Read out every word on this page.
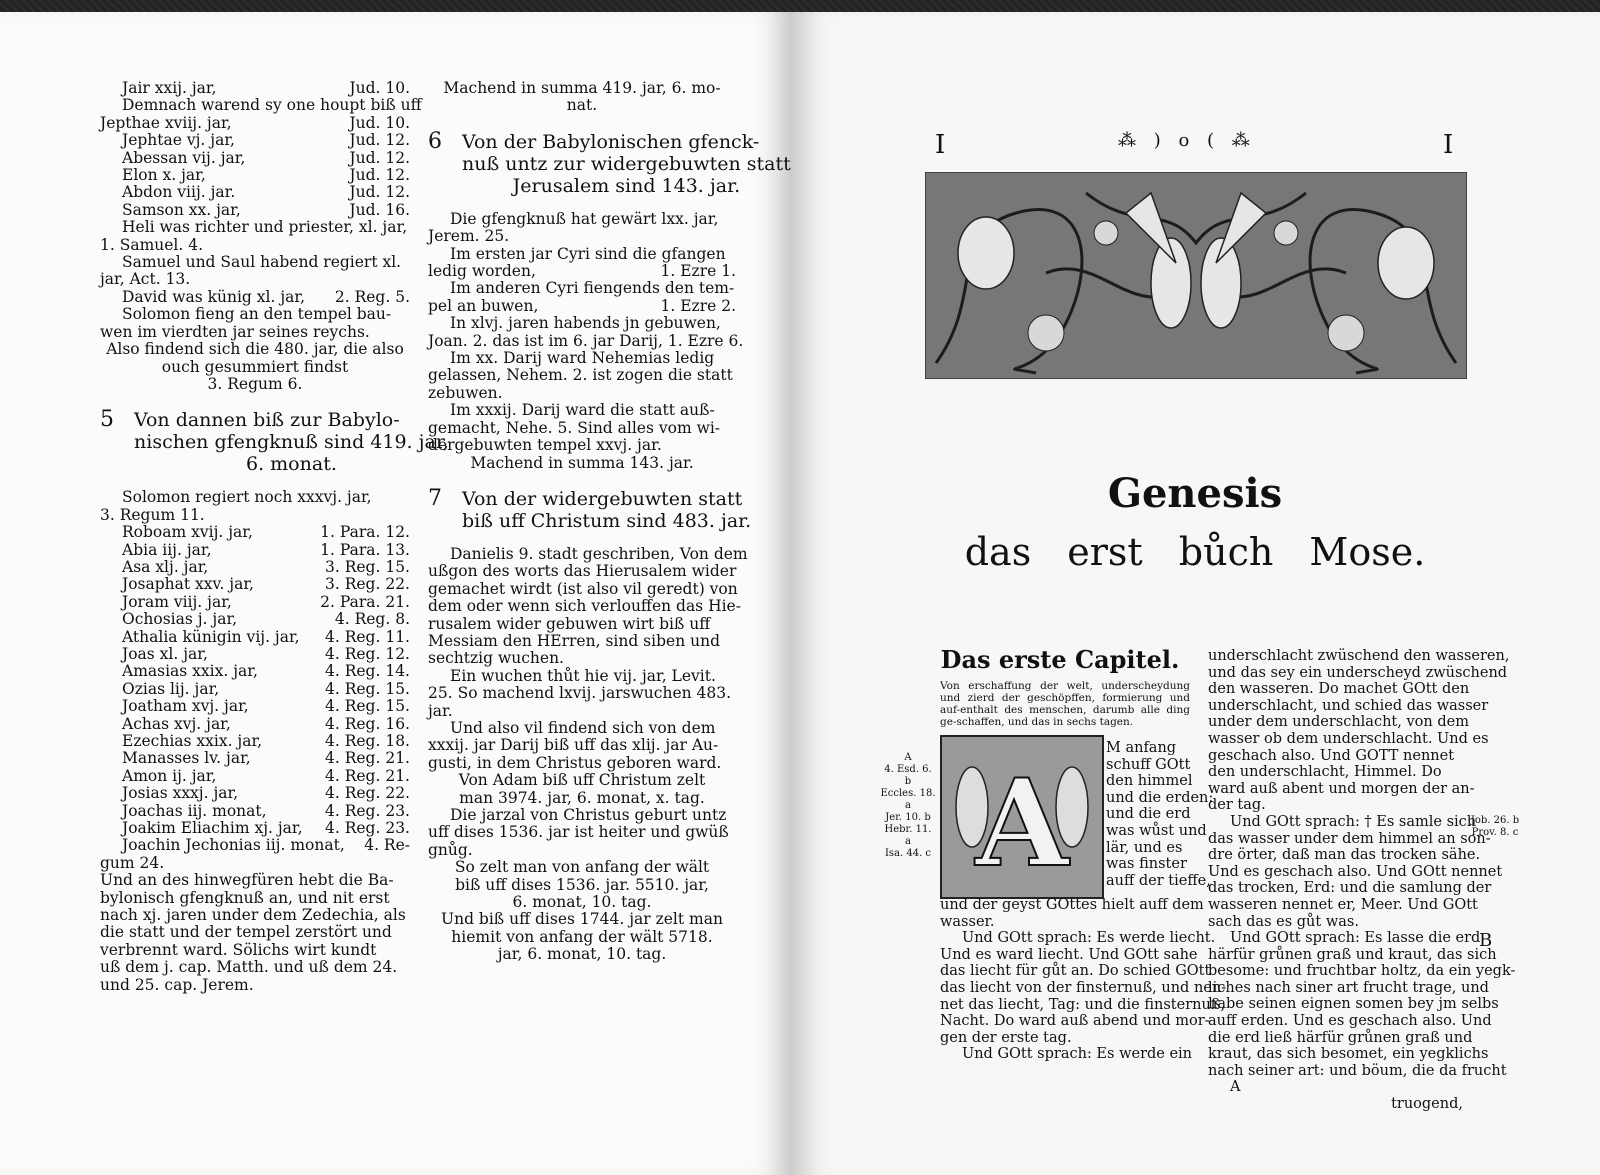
Jair xxij. jar,	Jud. 10.
Demnach warend sy one houpt biß uff
Jepthae xviij. jar,	Jud. 10.
Jephtae vj. jar,	Jud. 12.
Abessan vij. jar,	Jud. 12.
Elon x. jar,	Jud. 12.
Abdon viij. jar.	Jud. 12.
Samson xx. jar,	Jud. 16.
Heli was richter und priester, xl. jar,
1. Samuel. 4.
Samuel und Saul habend regiert xl.
jar, Act. 13.
David was künig xl. jar,	2. Reg. 5.
Solomon fieng an den tempel bau-
wen im vierdten jar seines reychs.
Also findend sich die 480. jar, die also
ouch gesummiert findst
3. Regum 6.
5 Von dannen biß zur Babylo-
nischen gfengknuß sind 419. jar,
6. monat.
Solomon regiert noch xxxvj. jar,
3. Regum 11.
Roboam xvij. jar,	1. Para. 12.
Abia iij. jar,	1. Para. 13.
Asa xlj. jar,	3. Reg. 15.
Josaphat xxv. jar,	3. Reg. 22.
Joram viij. jar,	2. Para. 21.
Ochosias j. jar,	4. Reg. 8.
Athalia künigin vij. jar,	4. Reg. 11.
Joas xl. jar,	4. Reg. 12.
Amasias xxix. jar,	4. Reg. 14.
Ozias lij. jar,	4. Reg. 15.
Joatham xvj. jar,	4. Reg. 15.
Achas xvj. jar,	4. Reg. 16.
Ezechias xxix. jar,	4. Reg. 18.
Manasses lv. jar,	4. Reg. 21.
Amon ij. jar,	4. Reg. 21.
Josias xxxj. jar,	4. Reg. 22.
Joachas iij. monat,	4. Reg. 23.
Joakim Eliachim xj. jar,	4. Reg. 23.
Joachin Jechonias iij. monat,	4. Re-
gum 24.
Und an des hinwegfüren hebt die Ba-
bylonisch gfengknuß an, und nit erst
nach xj. jaren under dem Zedechia, als
die statt und der tempel zerstört und
verbrennt ward. Sölichs wirt kundt
uß dem j. cap. Matth. und uß dem 24.
und 25. cap. Jerem.
Machend in summa 419. jar, 6. mo-
nat.
6 Von der Babylonischen gfenck-
nuß untz zur widergebuwten statt
Jerusalem sind 143. jar.
Die gfengknuß hat gewärt lxx. jar,
Jerem. 25.
Im ersten jar Cyri sind die gfangen
ledig worden,	1. Ezre 1.
Im anderen Cyri fiengends den tem-
pel an buwen,	1. Ezre 2.
In xlvj. jaren habends jn gebuwen,
Joan. 2. das ist im 6. jar Darij, 1. Ezre 6.
Im xx. Darij ward Nehemias ledig
gelassen, Nehem. 2. ist zogen die statt
zebuwen.
Im xxxij. Darij ward die statt auß-
gemacht, Nehe. 5. Sind alles vom wi-
dergebuwten tempel xxvj. jar.
Machend in summa 143. jar.
7 Von der widergebuwten statt
biß uff Christum sind 483. jar.
Danielis 9. stadt geschriben, Von dem
ußgon des worts das Hierusalem wider
gemachet wirdt (ist also vil geredt) von
dem oder wenn sich verlouffen das Hie-
rusalem wider gebuwen wirt biß uff
Messiam den HErren, sind siben und
sechtzig wuchen.
Ein wuchen thůt hie vij. jar, Levit.
25. So machend lxvij. jarswuchen 483.
jar.
Und also vil findend sich von dem
xxxij. jar Darij biß uff das xlij. jar Au-
gusti, in dem Christus geboren ward.
Von Adam biß uff Christum zelt
man 3974. jar, 6. monat, x. tag.
Die jarzal von Christus geburt untz
uff dises 1536. jar ist heiter und gwüß
gnůg.
So zelt man von anfang der wält
biß uff dises 1536. jar. 5510. jar,
6. monat, 10. tag.
Und biß uff dises 1744. jar zelt man
hiemit von anfang der wält 5718.
jar, 6. monat, 10. tag.
I	⁂ ) o ( ⁂	I
Genesis
das erst bůch Mose.
Das erste Capitel.
Von erschaffung der welt, underscheydung und zierd der geschöpffen, formierung und auf-enthalt des menschen, darumb alle ding ge-schaffen, und das in sechs tagen.
A
4. Esd. 6. b
Eccles. 18.
a
Jer. 10. b
Hebr. 11. a
Isa. 44. c A
M anfang
schuff GOtt
den himmel
und die erden:
und die erd
was wůst und
lär, und es
was finster
auff der tieffe,
und der geyst GOttes hielt auff dem
wasser.
Und GOtt sprach: Es werde liecht.
Und es ward liecht. Und GOtt sahe
das liecht für gůt an. Do schied GOtt
das liecht von der finsternuß, und nen-
net das liecht, Tag: und die finsternuß,
Nacht. Do ward auß abend und mor-
gen der erste tag.
Und GOtt sprach: Es werde ein
underschlacht zwüschend den wasseren,
und das sey ein underscheyd zwüschend
den wasseren. Do machet GOtt den
underschlacht, und schied das wasser
under dem underschlacht, von dem
wasser ob dem underschlacht. Und es
geschach also. Und GOTT nennet
den underschlacht, Himmel. Do
ward auß abent und morgen der an-
der tag.
Und GOtt sprach: † Es samle sich
das wasser under dem himmel an son-
dre örter, daß man das trocken sähe.
Und es geschach also. Und GOtt nennet
das trocken, Erd: und die samlung der
wasseren nennet er, Meer. Und GOtt
sach das es gůt was.
Und GOtt sprach: Es lasse die erd
härfür grůnen graß und kraut, das sich
besome: und fruchtbar holtz, da ein yegk-
liches nach siner art frucht trage, und
habe seinen eignen somen bey jm selbs
auff erden. Und es geschach also. Und
die erd ließ härfür grůnen graß und
kraut, das sich besomet, ein yegklichs
nach seiner art: und böum, die da frucht
A
truogend,
Job. 26. b
Prov. 8. c
B
